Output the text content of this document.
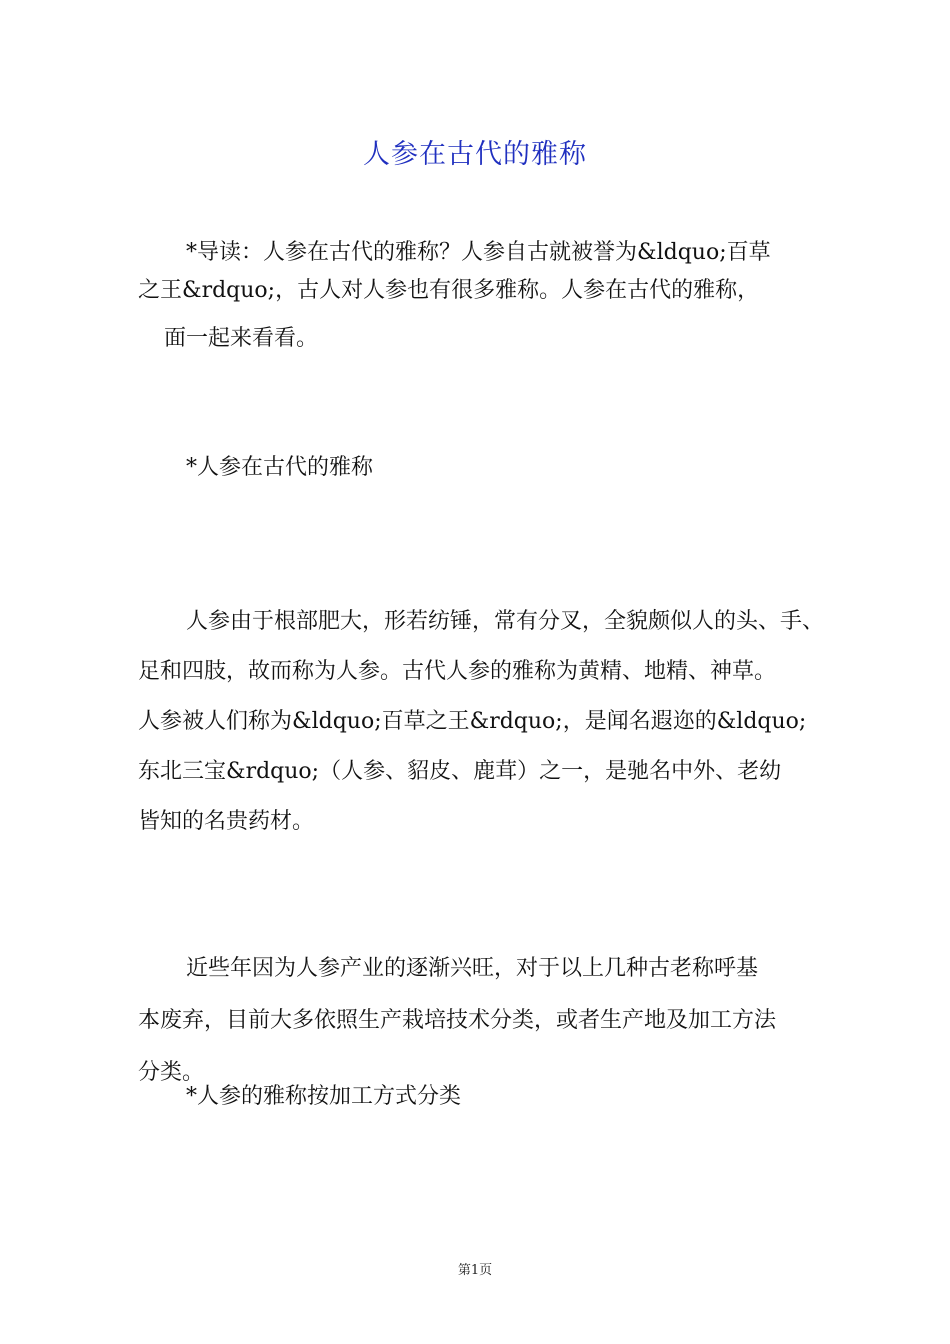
人参在古代的雅称
*导读：人参在古代的雅称？人参自古就被誉为&ldquo;百草
之王&rdquo;，古人对人参也有很多雅称。人参在古代的雅称，
面一起来看看。
*人参在古代的雅称
人参由于根部肥大，形若纺锤，常有分叉，全貌颇似人的头、手、
足和四肢，故而称为人参。古代人参的雅称为黄精、地精、神草。
人参被人们称为&ldquo;百草之王&rdquo;，是闻名遐迩的&ldquo;
东北三宝&rdquo;（人参、貂皮、鹿茸）之一，是驰名中外、老幼
皆知的名贵药材。
近些年因为人参产业的逐渐兴旺，对于以上几种古老称呼基
本废弃，目前大多依照生产栽培技术分类，或者生产地及加工方法
分类。
*人参的雅称按加工方式分类
第1页
